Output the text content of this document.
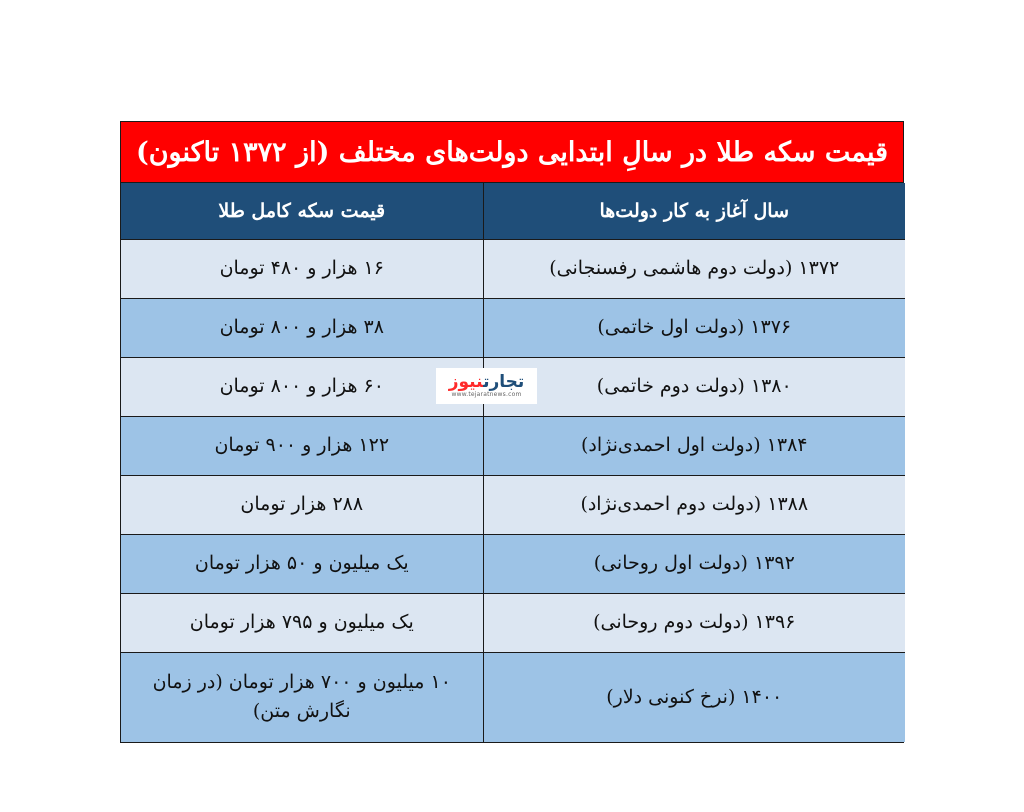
قیمت سکه طلا در سالِ ابتدایی دولت‌های مختلف (از ۱۳۷۲ تاکنون)
سال آغاز به کار دولت‌ها	قیمت سکه کامل طلا
۱۳۷۲ (دولت دوم هاشمی رفسنجانی)	۱۶ هزار و ۴۸۰ تومان
۱۳۷۶ (دولت اول خاتمی)	۳۸ هزار و ۸۰۰ تومان
۱۳۸۰ (دولت دوم خاتمی)	۶۰ هزار و ۸۰۰ تومان
۱۳۸۴ (دولت اول احمدی‌نژاد)	۱۲۲ هزار و ۹۰۰ تومان
۱۳۸۸ (دولت دوم احمدی‌نژاد)	۲۸۸ هزار تومان
۱۳۹۲ (دولت اول روحانی)	یک میلیون و ۵۰ هزار تومان
۱۳۹۶ (دولت دوم روحانی)	یک میلیون و ۷۹۵ هزار تومان
۱۴۰۰ (نرخ کنونی دلار)	۱۰ میلیون و ۷۰۰ هزار تومان (در زمان نگارش متن)
تجارتنیوز
www.tejaratnews.com
